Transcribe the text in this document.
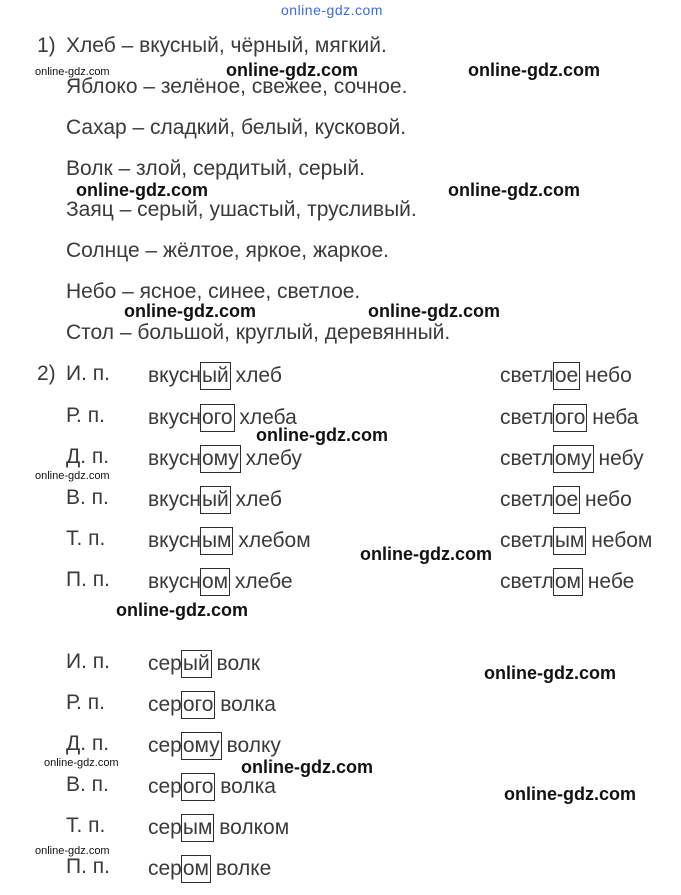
online-gdz.com
1) Хлеб – вкусный, чёрный, мягкий.
Яблоко – зелёное, свежее, сочное.
Сахар – сладкий, белый, кусковой.
Волк – злой, сердитый, серый.
Заяц – серый, ушастый, трусливый.
Солнце – жёлтое, яркое, жаркое.
Небо – ясное, синее, светлое.
Стол – большой, круглый, деревянный.
2) И. п. вкусный хлеб	светлое небо
Р. п. вкусного хлеба	светлого неба
Д. п. вкусному хлебу	светлому небу
В. п. вкусный хлеб	светлое небо
Т. п. вкусным хлебом	светлым небом
П. п. вкусном хлебе	светлом небе
И. п. серый волк
Р. п. серого волка
Д. п. серому волку
В. п. серого волка
Т. п. серым волком
П. п. сером волке
online-gdz.com	online-gdz.com	online-gdz.com
online-gdz.com	online-gdz.com
online-gdz.com	online-gdz.com
online-gdz.com
online-gdz.com
online-gdz.com
online-gdz.com
online-gdz.com
online-gdz.com	online-gdz.com
online-gdz.com
online-gdz.com
